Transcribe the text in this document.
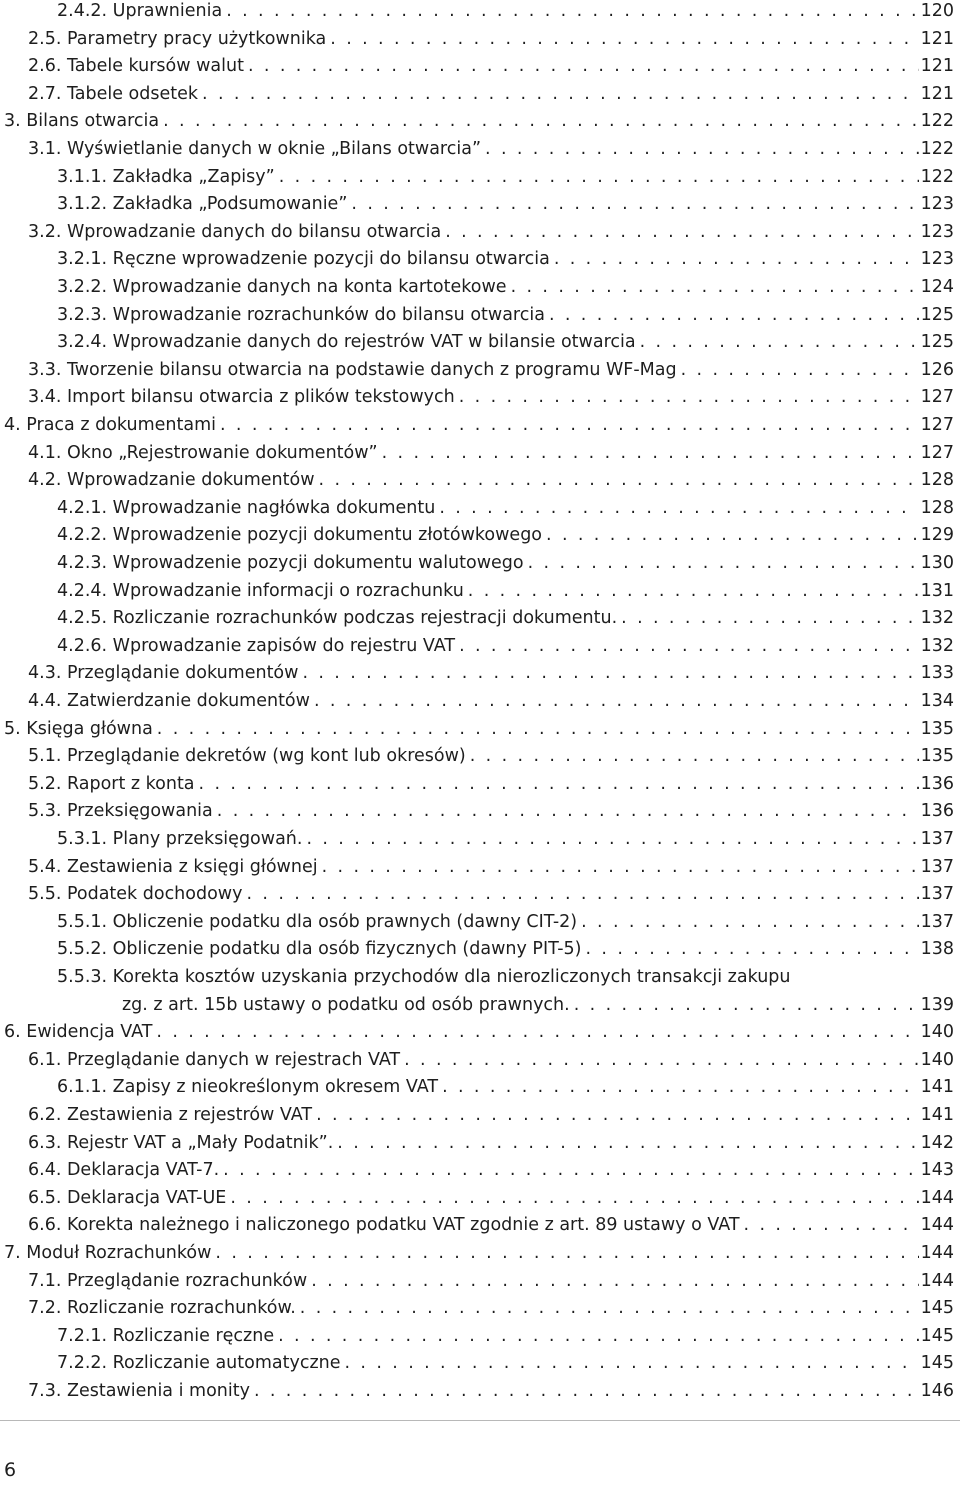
2.4.2. Uprawnienia . . .	120
2.5. Parametry pracy użytkownika . . .	121
2.6. Tabele kursów walut . . .	121
2.7. Tabele odsetek . . .	121
3. Bilans otwarcia . . .	122
3.1. Wyświetlanie danych w oknie „Bilans otwarcia” . . .	122
3.1.1. Zakładka „Zapisy” . . .	122
3.1.2. Zakładka „Podsumowanie” . . .	123
3.2. Wprowadzanie danych do bilansu otwarcia . . .	123
3.2.1. Ręczne wprowadzenie pozycji do bilansu otwarcia . . .	123
3.2.2. Wprowadzanie danych na konta kartotekowe . . .	124
3.2.3. Wprowadzanie rozrachunków do bilansu otwarcia . . .	125
3.2.4. Wprowadzanie danych do rejestrów VAT w bilansie otwarcia . . .	125
3.3. Tworzenie bilansu otwarcia na podstawie danych z programu WF-Mag . . .	126
3.4. Import bilansu otwarcia z plików tekstowych . . .	127
4. Praca z dokumentami . . .	127
4.1. Okno „Rejestrowanie dokumentów” . . .	127
4.2. Wprowadzanie dokumentów . . .	128
4.2.1. Wprowadzanie nagłówka dokumentu . . .	128
4.2.2. Wprowadzenie pozycji dokumentu złotówkowego . . .	129
4.2.3. Wprowadzenie pozycji dokumentu walutowego . . .	130
4.2.4. Wprowadzanie informacji o rozrachunku . . .	131
4.2.5. Rozliczanie rozrachunków podczas rejestracji dokumentu. . . .	132
4.2.6. Wprowadzanie zapisów do rejestru VAT . . .	132
4.3. Przeglądanie dokumentów . . .	133
4.4. Zatwierdzanie dokumentów . . .	134
5. Księga główna . . .	135
5.1. Przeglądanie dekretów (wg kont lub okresów) . . .	135
5.2. Raport z konta . . .	136
5.3. Przeksięgowania . . .	136
5.3.1. Plany przeksięgowań. . . .	137
5.4. Zestawienia z księgi głównej . . .	137
5.5. Podatek dochodowy . . .	137
5.5.1. Obliczenie podatku dla osób prawnych (dawny CIT-2) . . .	137
5.5.2. Obliczenie podatku dla osób fizycznych (dawny PIT-5) . . .	138
5.5.3. Korekta kosztów uzyskania przychodów dla nierozliczonych transakcji zakupu
zg. z art. 15b ustawy o podatku od osób prawnych. . . .	139
6. Ewidencja VAT . . .	140
6.1. Przeglądanie danych w rejestrach VAT . . .	140
6.1.1. Zapisy z nieokreślonym okresem VAT . . .	141
6.2. Zestawienia z rejestrów VAT . . .	141
6.3. Rejestr VAT a „Mały Podatnik”. . . .	142
6.4. Deklaracja VAT-7. . . .	143
6.5. Deklaracja VAT-UE . . .	144
6.6. Korekta należnego i naliczonego podatku VAT zgodnie z art. 89 ustawy o VAT . . .	144
7. Moduł Rozrachunków . . .	144
7.1. Przeglądanie rozrachunków . . .	144
7.2. Rozliczanie rozrachunków. . . .	145
7.2.1. Rozliczanie ręczne . . .	145
7.2.2. Rozliczanie automatyczne . . .	145
7.3. Zestawienia i monity . . .	146
6
